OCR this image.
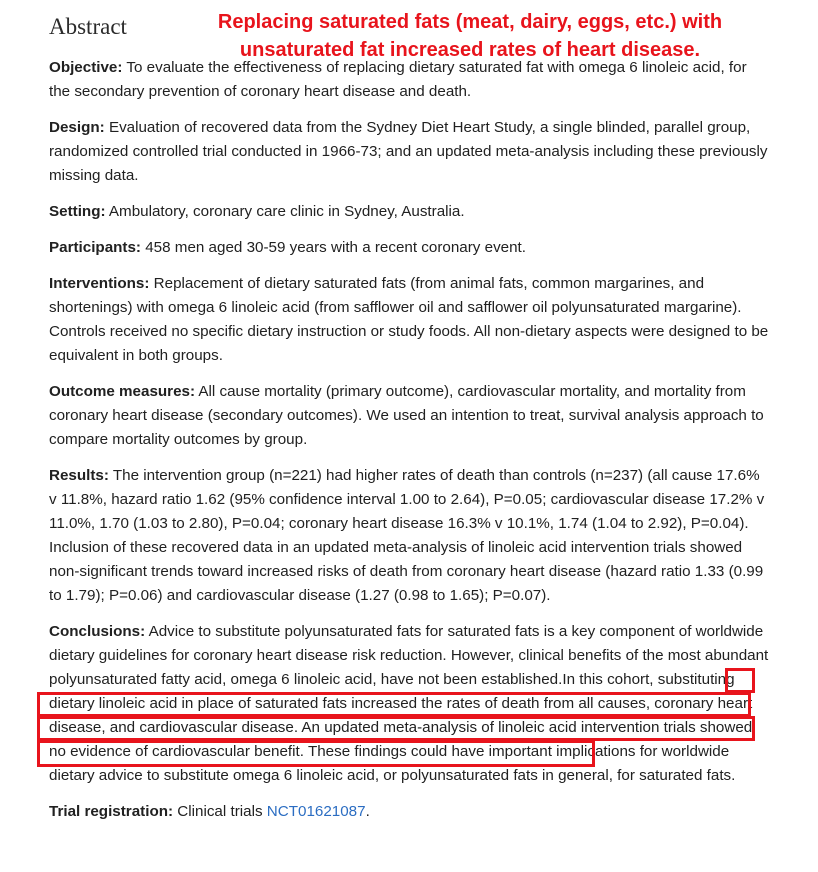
Abstract	Replacing saturated fats (meat, dairy, eggs, etc.) with
unsaturated fat increased rates of heart disease.

Objective: To evaluate the effectiveness of replacing dietary saturated fat with omega 6 linoleic acid, for the secondary prevention of coronary heart disease and death.

Design: Evaluation of recovered data from the Sydney Diet Heart Study, a single blinded, parallel group, randomized controlled trial conducted in 1966-73; and an updated meta-analysis including these previously missing data.

Setting: Ambulatory, coronary care clinic in Sydney, Australia.

Participants: 458 men aged 30-59 years with a recent coronary event.

Interventions: Replacement of dietary saturated fats (from animal fats, common margarines, and shortenings) with omega 6 linoleic acid (from safflower oil and safflower oil polyunsaturated margarine). Controls received no specific dietary instruction or study foods. All non-dietary aspects were designed to be equivalent in both groups.

Outcome measures: All cause mortality (primary outcome), cardiovascular mortality, and mortality from coronary heart disease (secondary outcomes). We used an intention to treat, survival analysis approach to compare mortality outcomes by group.

Results: The intervention group (n=221) had higher rates of death than controls (n=237) (all cause 17.6% v 11.8%, hazard ratio 1.62 (95% confidence interval 1.00 to 2.64), P=0.05; cardiovascular disease 17.2% v 11.0%, 1.70 (1.03 to 2.80), P=0.04; coronary heart disease 16.3% v 10.1%, 1.74 (1.04 to 2.92), P=0.04). Inclusion of these recovered data in an updated meta-analysis of linoleic acid intervention trials showed non-significant trends toward increased risks of death from coronary heart disease (hazard ratio 1.33 (0.99 to 1.79); P=0.06) and cardiovascular disease (1.27 (0.98 to 1.65); P=0.07).

Conclusions: Advice to substitute polyunsaturated fats for saturated fats is a key component of worldwide dietary guidelines for coronary heart disease risk reduction. However, clinical benefits of the most abundant polyunsaturated fatty acid, omega 6 linoleic acid, have not been established.In this cohort, substituting dietary linoleic acid in place of saturated fats increased the rates of death from all causes, coronary heart disease, and cardiovascular disease. An updated meta-analysis of linoleic acid intervention trials showed no evidence of cardiovascular benefit. These findings could have important implications for worldwide dietary advice to substitute omega 6 linoleic acid, or polyunsaturated fats in general, for saturated fats.

Trial registration: Clinical trials NCT01621087.
